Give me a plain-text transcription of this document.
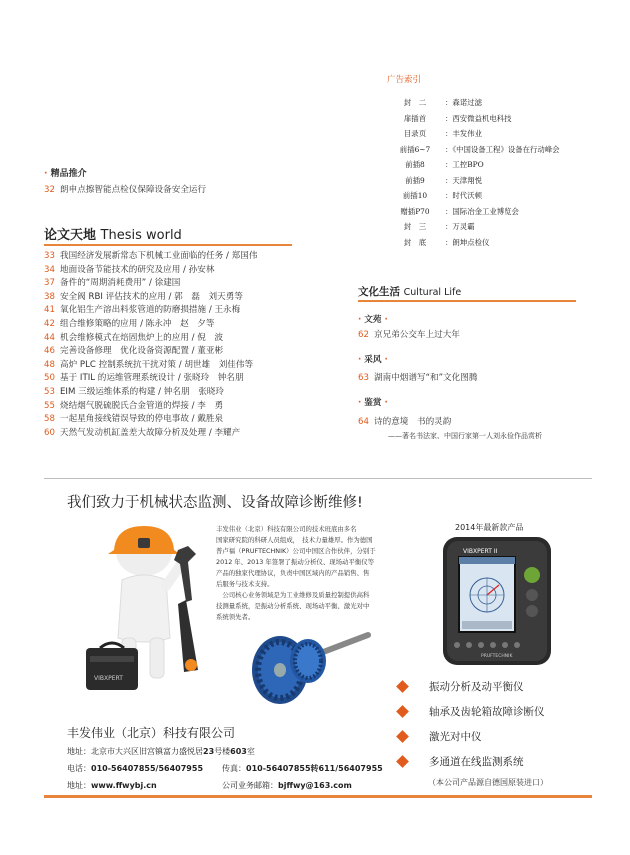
广告索引
封　二	：森诺过滤
扉插首	：西安微益机电科技
目录页	：丰发伟业
前插6~7 ：《中国设备工程》设备在行动峰会
前插8	：工控BPO
前插9	：天津翔悦
前插10 ：时代沃顿
赠插P70 ：国际冶金工业博览会
封　三	：万灵霸
封　底	：朗坤点检仪
· 精品推介
32 朗申点擦智能点检仪保障设备安全运行
论文天地 Thesis world
33 我国经济发展新常态下机械工业面临的任务 / 郑国伟
34 地面设备节能技术的研究及应用 / 孙安林
37 备件的“周期消耗费用” / 徐建国
38 安全阀 RBI 评估技术的应用 / 郭　磊　刘天勇等
41 氧化铝生产溶出料浆管道的防磨损措施 / 王永梅
42 组合维修策略的应用 / 陈永冲　赵　夕等
44 机会维修模式在焙固焦炉上的应用 / 倪　波
46 完善设备修理　优化设备资源配置 / 董亚彬
48 高炉 PLC 控制系统抗干扰对策 / 胡世雄　刘佳伟等
50 基于 ITIL 的运维管理系统设计 / 张晓玲　钟名朋
53 EIM 三级运维体系的构建 / 钟名朋　张晓玲
55 烧结烟气脱硫脱氏合金管道的焊接 / 李　勇
58 一起星角接线错误导致的停电事故 / 戴胜泉
60 天然气发动机缸盖差大故障分析及处理 / 李耀产
文化生活 Cultural Life
· 文苑 ·
62 京兄弟公交车上过大年
· 采风 ·
63 湖南中烟谱写“和”文化图腾
· 鉴赏 ·
64 诗的意境　书的灵韵
——著名书法家、中国行家第一人刘永俭作品赏析
我们致力于机械状态监测、设备故障诊断维修!
丰发伟业（北京）科技有限公司的技术班底由多名
国家研究院的科研人员组成，　技术力量雄厚。作为德国
普卢福（PRUFTECHNIK）公司中国区合作伙伴，分别于
2012 年、2013 年签署了振动分析仪、现场动平衡仪等
产品的独家代理协议，负责中国区域内的产品销售、售
后服务与技术支持。
　公司核心业务领域是为工业维修及质量控制提供高科
技测量系统，是振动分析系统、现场动平衡、激光对中
系统领先者。
2014年最新款产品
VIBXPERT II
PRUFTECHNIK
VIBXPERT
振动分析及动平衡仪
轴承及齿轮箱故障诊断仪
激光对中仪
多通道在线监测系统
（本公司产品源自德国原装进口）
丰发伟业（北京）科技有限公司
地址：北京市大兴区旧宫镇富力盛悦居23号楼603室
电话：010-56407855/56407955 传真：010-56407855转611/56407955
地址：www.ffwybj.cn	公司业务邮箱：bjffwy@163.com
